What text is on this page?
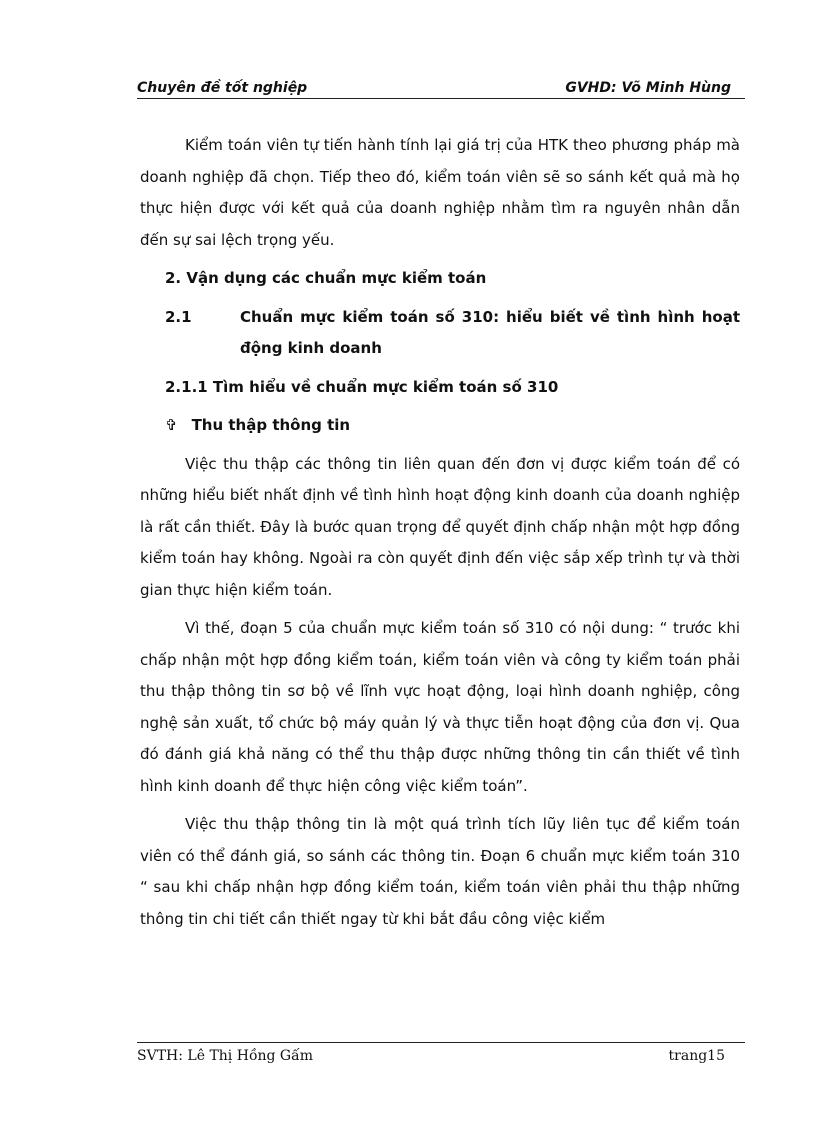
Chuyên đề tốt nghiệp	GVHD: Võ Minh Hùng

Kiểm toán viên tự tiến hành tính lại giá trị của HTK theo phương pháp mà doanh nghiệp đã chọn. Tiếp theo đó, kiểm toán viên sẽ so sánh kết quả mà họ thực hiện được với kết quả của doanh nghiệp nhằm tìm ra nguyên nhân dẫn đến sự sai lệch trọng yếu.

2. Vận dụng các chuẩn mực kiểm toán

2.1	Chuẩn mực kiểm toán số 310: hiểu biết về tình hình hoạt động kinh doanh

2.1.1 Tìm hiểu về chuẩn mực kiểm toán số 310

✞ Thu thập thông tin

Việc thu thập các thông tin liên quan đến đơn vị được kiểm toán để có những hiểu biết nhất định về tình hình hoạt động kinh doanh của doanh nghiệp là rất cần thiết. Đây là bước quan trọng để quyết định chấp nhận một hợp đồng kiểm toán hay không. Ngoài ra còn quyết định đến việc sắp xếp trình tự và thời gian thực hiện kiểm toán.

Vì thế, đoạn 5 của chuẩn mực kiểm toán số 310 có nội dung: “ trước khi chấp nhận một hợp đồng kiểm toán, kiểm toán viên và công ty kiểm toán phải thu thập thông tin sơ bộ về lĩnh vực hoạt động, loại hình doanh nghiệp, công nghệ sản xuất, tổ chức bộ máy quản lý và thực tiễn hoạt động của đơn vị. Qua đó đánh giá khả năng có thể thu thập được những thông tin cần thiết về tình hình kinh doanh để thực hiện công việc kiểm toán”.

Việc thu thập thông tin là một quá trình tích lũy liên tục để kiểm toán viên có thể đánh giá, so sánh các thông tin. Đoạn 6 chuẩn mực kiểm toán 310 “ sau khi chấp nhận hợp đồng kiểm toán, kiểm toán viên phải thu thập những thông tin chi tiết cần thiết ngay từ khi bắt đầu công việc kiểm

SVTH: Lê Thị Hồng Gấm	trang15
